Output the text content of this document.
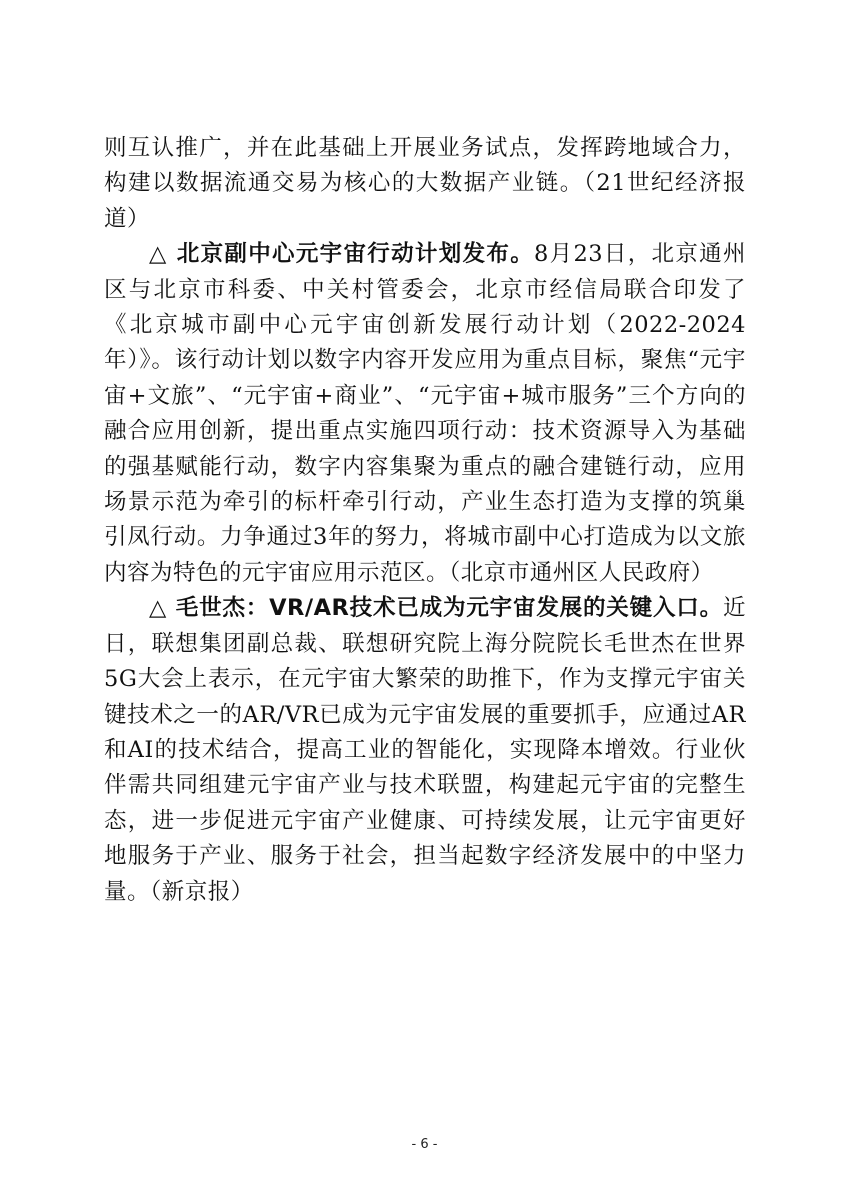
则互认推广，并在此基础上开展业务试点，发挥跨地域合力，构建以数据流通交易为核心的大数据产业链。（21世纪经济报道）

△ 北京副中心元宇宙行动计划发布。8月23日，北京通州区与北京市科委、中关村管委会，北京市经信局联合印发了《北京城市副中心元宇宙创新发展行动计划（2022-2024年）》。该行动计划以数字内容开发应用为重点目标，聚焦“元宇宙+文旅”、“元宇宙+商业”、“元宇宙+城市服务”三个方向的融合应用创新，提出重点实施四项行动：技术资源导入为基础的强基赋能行动，数字内容集聚为重点的融合建链行动，应用场景示范为牵引的标杆牵引行动，产业生态打造为支撑的筑巢引凤行动。力争通过3年的努力，将城市副中心打造成为以文旅内容为特色的元宇宙应用示范区。（北京市通州区人民政府）

△ 毛世杰：VR/AR技术已成为元宇宙发展的关键入口。近日，联想集团副总裁、联想研究院上海分院院长毛世杰在世界5G大会上表示，在元宇宙大繁荣的助推下，作为支撑元宇宙关键技术之一的AR/VR已成为元宇宙发展的重要抓手，应通过AR和AI的技术结合，提高工业的智能化，实现降本增效。行业伙伴需共同组建元宇宙产业与技术联盟，构建起元宇宙的完整生态，进一步促进元宇宙产业健康、可持续发展，让元宇宙更好地服务于产业、服务于社会，担当起数字经济发展中的中坚力量。（新京报）

- 6 -
